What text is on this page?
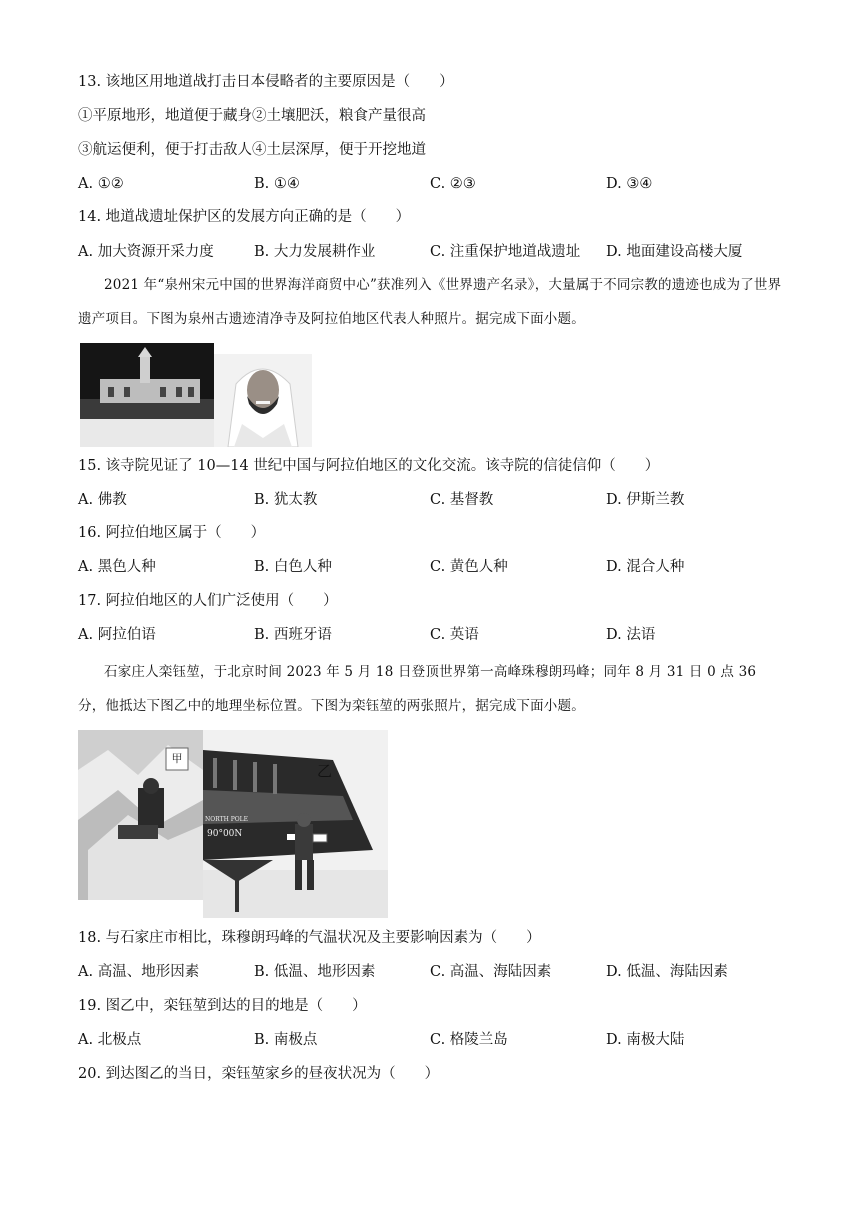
13. 该地区用地道战打击日本侵略者的主要原因是（　　）
①平原地形，地道便于藏身②土壤肥沃，粮食产量很高
③航运便利，便于打击敌人④土层深厚，便于开挖地道
A. ①②	B. ①④	C. ②③	D. ③④
14. 地道战遗址保护区的发展方向正确的是（　　）
A. 加大资源开采力度	B. 大力发展耕作业	C. 注重保护地道战遗址 D. 地面建设高楼大厦
2021 年“泉州宋元中国的世界海洋商贸中心”获准列入《世界遗产名录》，大量属于不同宗教的遗迹也成为了世界遗产项目。下图为泉州古遗迹清净寺及阿拉伯地区代表人种照片。据完成下面小题。
15. 该寺院见证了 10—14 世纪中国与阿拉伯地区的文化交流。该寺院的信徒信仰（　　）
A. 佛教	B. 犹太教	C. 基督教	D. 伊斯兰教
16. 阿拉伯地区属于（　　）
A. 黑色人种	B. 白色人种	C. 黄色人种	D. 混合人种
17. 阿拉伯地区的人们广泛使用（　　）
A. 阿拉伯语	B. 西班牙语	C. 英语	D. 法语
石家庄人栾钰堃，于北京时间 2023 年 5 月 18 日登顶世界第一高峰珠穆朗玛峰；同年 8 月 31 日 0 点 36 分，他抵达下图乙中的地理坐标位置。下图为栾钰堃的两张照片，据完成下面小题。
甲
NORTH POLE
90°00N
乙
18. 与石家庄市相比，珠穆朗玛峰的气温状况及主要影响因素为（　　）
A. 高温、地形因素	B. 低温、地形因素	C. 高温、海陆因素	D. 低温、海陆因素
19. 图乙中，栾钰堃到达的目的地是（　　）
A. 北极点	B. 南极点	C. 格陵兰岛	D. 南极大陆
20. 到达图乙的当日，栾钰堃家乡的昼夜状况为（　　）
